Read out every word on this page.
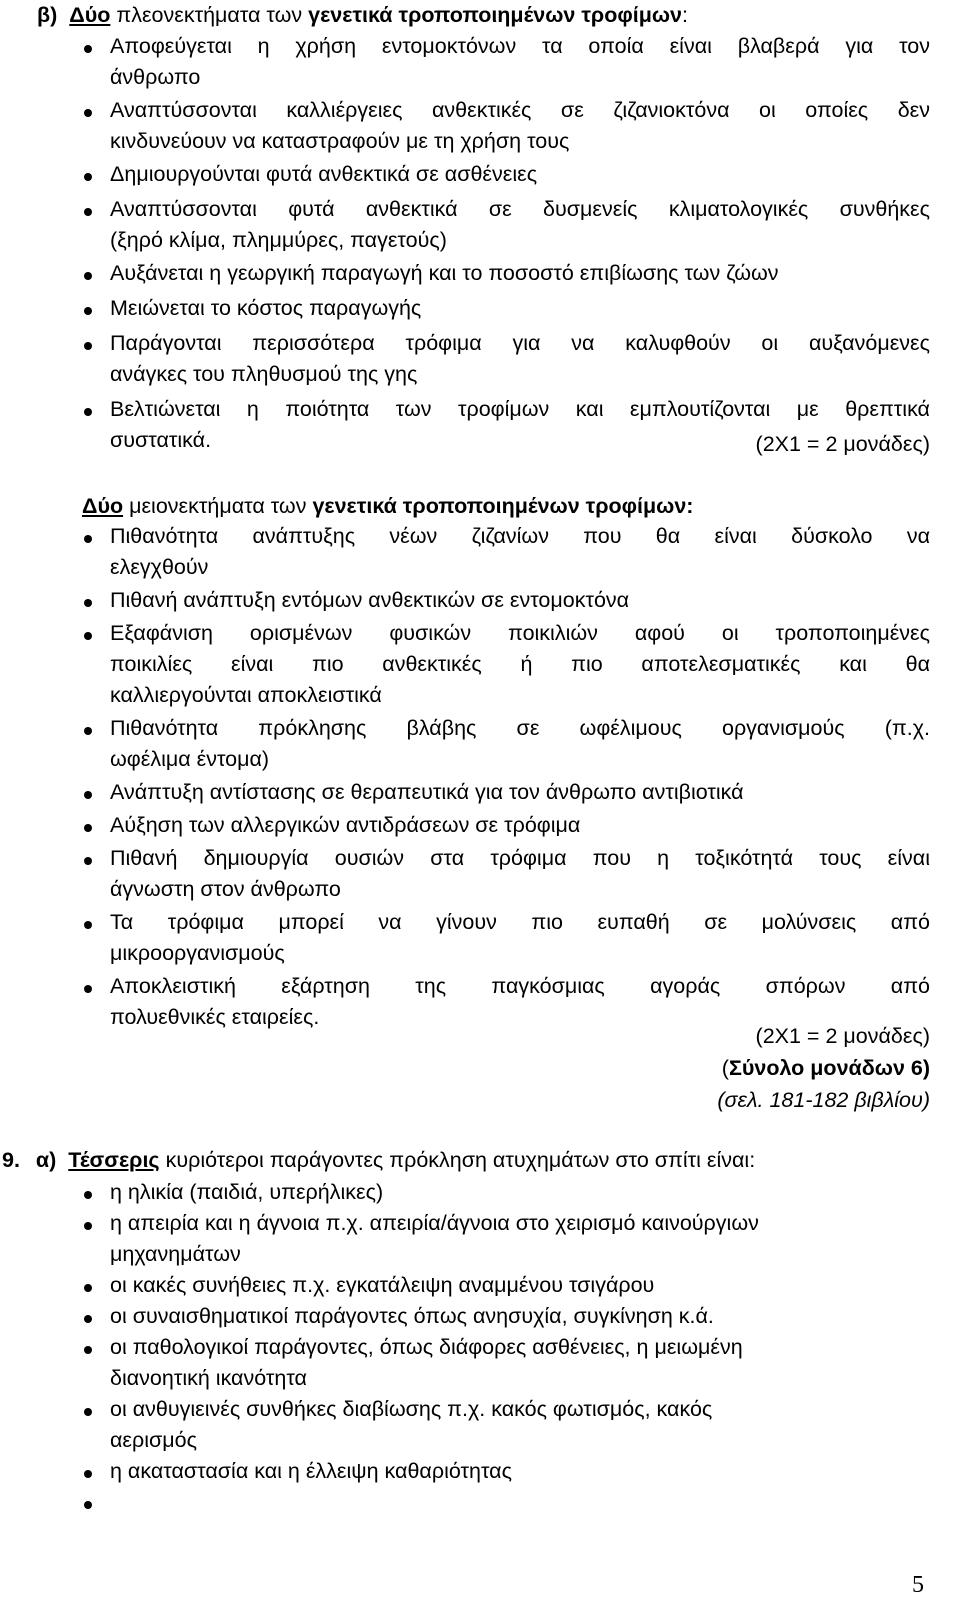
β) Δύο πλεονεκτήματα των γενετικά τροποποιημένων τροφίμων:
Αποφεύγεται η χρήση εντομοκτόνων τα οποία είναι βλαβερά για τον
άνθρωπο
Αναπτύσσονται καλλιέργειες ανθεκτικές σε ζιζανιοκτόνα οι οποίες δεν
κινδυνεύουν να καταστραφούν με τη χρήση τους
Δημιουργούνται φυτά ανθεκτικά σε ασθένειες
Αναπτύσσονται φυτά ανθεκτικά σε δυσμενείς κλιματολογικές συνθήκες
(ξηρό κλίμα, πλημμύρες, παγετούς)
Αυξάνεται η γεωργική παραγωγή και το ποσοστό επιβίωσης των ζώων
Μειώνεται το κόστος παραγωγής
Παράγονται περισσότερα τρόφιμα για να καλυφθούν οι αυξανόμενες
ανάγκες του πληθυσμού της γης
Βελτιώνεται η ποιότητα των τροφίμων και εμπλουτίζονται με θρεπτικά
συστατικά.	(2X1 = 2 μονάδες)
Δύο μειονεκτήματα των γενετικά τροποποιημένων τροφίμων:
Πιθανότητα ανάπτυξης νέων ζιζανίων που θα είναι δύσκολο να
ελεγχθούν
Πιθανή ανάπτυξη εντόμων ανθεκτικών σε εντομοκτόνα
Εξαφάνιση ορισμένων φυσικών ποικιλιών αφού οι τροποποιημένες
ποικιλίες είναι πιο ανθεκτικές ή πιο αποτελεσματικές και θα
καλλιεργούνται αποκλειστικά
Πιθανότητα πρόκλησης βλάβης σε ωφέλιμους οργανισμούς (π.χ.
ωφέλιμα έντομα)
Ανάπτυξη αντίστασης σε θεραπευτικά για τον άνθρωπο αντιβιοτικά
Αύξηση των αλλεργικών αντιδράσεων σε τρόφιμα
Πιθανή δημιουργία ουσιών στα τρόφιμα που η τοξικότητά τους είναι
άγνωστη στον άνθρωπο
Τα τρόφιμα μπορεί να γίνουν πιο ευπαθή σε μολύνσεις από
μικροοργανισμούς
Αποκλειστική εξάρτηση της παγκόσμιας αγοράς σπόρων από
πολυεθνικές εταιρείες.
(2X1 = 2 μονάδες)
(Σύνολο μονάδων 6)
(σελ. 181-182 βιβλίου)
9. α) Τέσσερις κυριότεροι παράγοντες πρόκληση ατυχημάτων στο σπίτι είναι:
η ηλικία (παιδιά, υπερήλικες)
η απειρία και η άγνοια π.χ. απειρία/άγνοια στο χειρισμό καινούργιων
μηχανημάτων
οι κακές συνήθειες π.χ. εγκατάλειψη αναμμένου τσιγάρου
οι συναισθηματικοί παράγοντες όπως ανησυχία, συγκίνηση κ.ά.
οι παθολογικοί παράγοντες, όπως διάφορες ασθένειες, η μειωμένη
διανοητική ικανότητα
οι ανθυγιεινές συνθήκες διαβίωσης π.χ. κακός φωτισμός, κακός
αερισμός
η ακαταστασία και η έλλειψη καθαριότητας
5
